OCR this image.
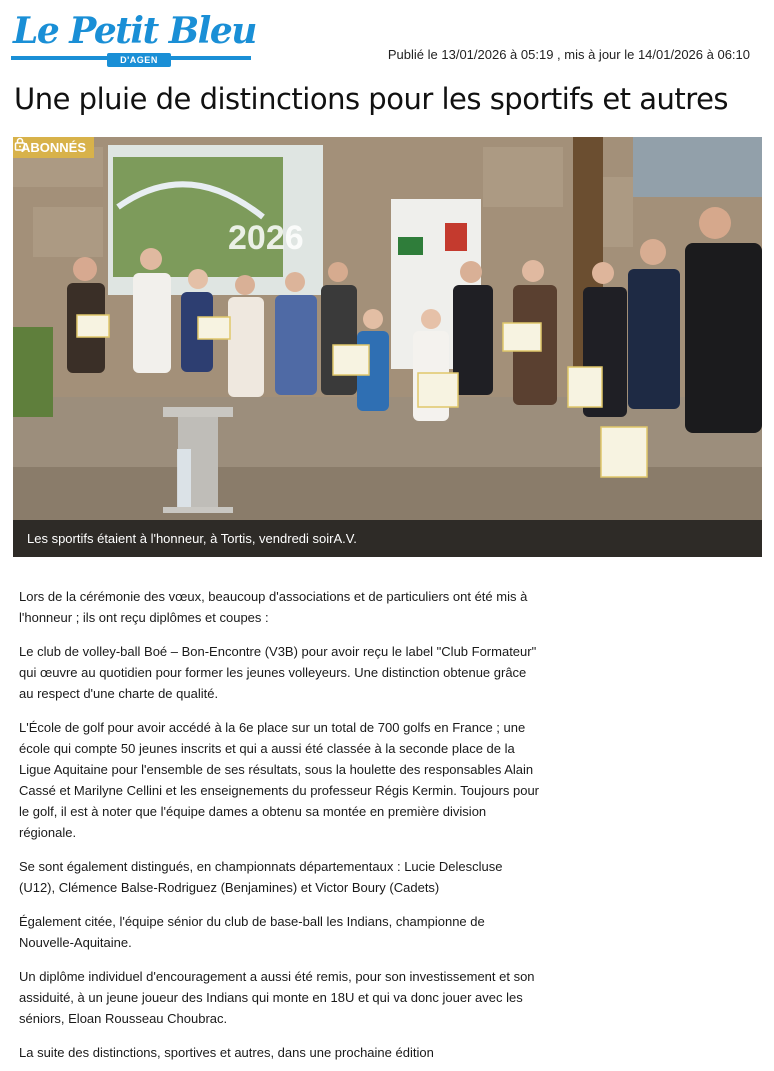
Le Petit Bleu
D'AGEN	Publié le 13/01/2026 à 05:19 , mis à jour le 14/01/2026 à 06:10
Une pluie de distinctions pour les sportifs et autres
2026
ABONNÉS
Les sportifs étaient à l'honneur, à Tortis, vendredi soirA.V.

Lors de la cérémonie des vœux, beaucoup d'associations et de particuliers ont été mis à l'honneur ; ils ont reçu diplômes et coupes :

Le club de volley-ball Boé – Bon-Encontre (V3B) pour avoir reçu le label "Club Formateur" qui œuvre au quotidien pour former les jeunes volleyeurs. Une distinction obtenue grâce au respect d'une charte de qualité.

L'École de golf pour avoir accédé à la 6e place sur un total de 700 golfs en France ; une école qui compte 50 jeunes inscrits et qui a aussi été classée à la seconde place de la Ligue Aquitaine pour l'ensemble de ses résultats, sous la houlette des responsables Alain Cassé et Marilyne Cellini et les enseignements du professeur Régis Kermin. Toujours pour le golf, il est à noter que l'équipe dames a obtenu sa montée en première division régionale.

Se sont également distingués, en championnats départementaux : Lucie Delescluse (U12), Clémence Balse-Rodriguez (Benjamines) et Victor Boury (Cadets)

Également citée, l'équipe sénior du club de base-ball les Indians, championne de Nouvelle-Aquitaine.

Un diplôme individuel d'encouragement a aussi été remis, pour son investissement et son assiduité, à un jeune joueur des Indians qui monte en 18U et qui va donc jouer avec les séniors, Eloan Rousseau Choubrac.

La suite des distinctions, sportives et autres, dans une prochaine édition
